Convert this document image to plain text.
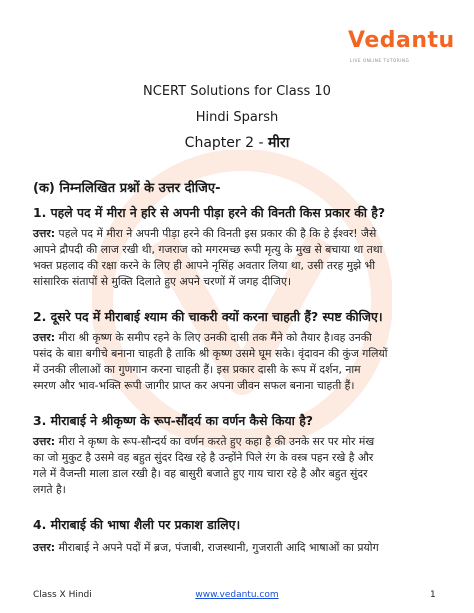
Vedantu
LIVE ONLINE TUTORING
NCERT Solutions for Class 10
Hindi Sparsh
Chapter 2 - मीरा
(क) निम्नलिखित प्रश्नों के उत्तर दीजिए-
1. पहले पद में मीरा ने हरि से अपनी पीड़ा हरने की विनती किस प्रकार की है?
उत्तर: पहले पद में मीरा ने अपनी पीड़ा हरने की विनती इस प्रकार की है कि हे ईश्वर! जैसे
आपने द्रौपदी की लाज रखी थी, गजराज को मगरमच्छ रूपी मृत्यु के मुख से बचाया था तथा
भक्त प्रहलाद की रक्षा करने के लिए ही आपने नृसिंह अवतार लिया था, उसी तरह मुझे भी
सांसारिक संतापों से मुक्ति दिलाते हुए अपने चरणों में जगह दीजिए।
2. दूसरे पद में मीराबाई श्याम की चाकरी क्यों करना चाहती हैं? स्पष्ट कीजिए।
उत्तर: मीरा श्री कृष्ण के समीप रहने के लिए उनकी दासी तक मैंने को तैयार है।वह उनकी
पसंद के बाग़ बगीचे बनाना चाहती है ताकि श्री कृष्ण उसमे घूम सके। वृंदावन की कुंज गलियों
में उनकी लीलाओं का गुणगान करना चाहती हैं। इस प्रकार दासी के रूप में दर्शन, नाम
स्मरण और भाव-भक्ति रूपी जागीर प्राप्त कर अपना जीवन सफल बनाना चाहती हैं।
3. मीराबाई ने श्रीकृष्ण के रूप-सौंदर्य का वर्णन कैसे किया है?
उत्तर: मीरा ने कृष्ण के रूप-सौन्दर्य का वर्णन करते हुए कहा है की उनके सर पर मोर मंख
का जो मुकुट है उसमे वह बहुत सुंदर दिख रहे है उन्होंने पिले रंग के वस्त्र पहन रखे है और
गले में वैजन्ती माला डाल रखी है। वह बासुरी बजाते हुए गाय चारा रहे है और बहुत सुंदर
लगते है।
4. मीराबाई की भाषा शैली पर प्रकाश डालिए।
उत्तर: मीराबाई ने अपने पदों में ब्रज, पंजाबी, राजस्थानी, गुजराती आदि भाषाओं का प्रयोग
Class X Hindi	www.vedantu.com	1
